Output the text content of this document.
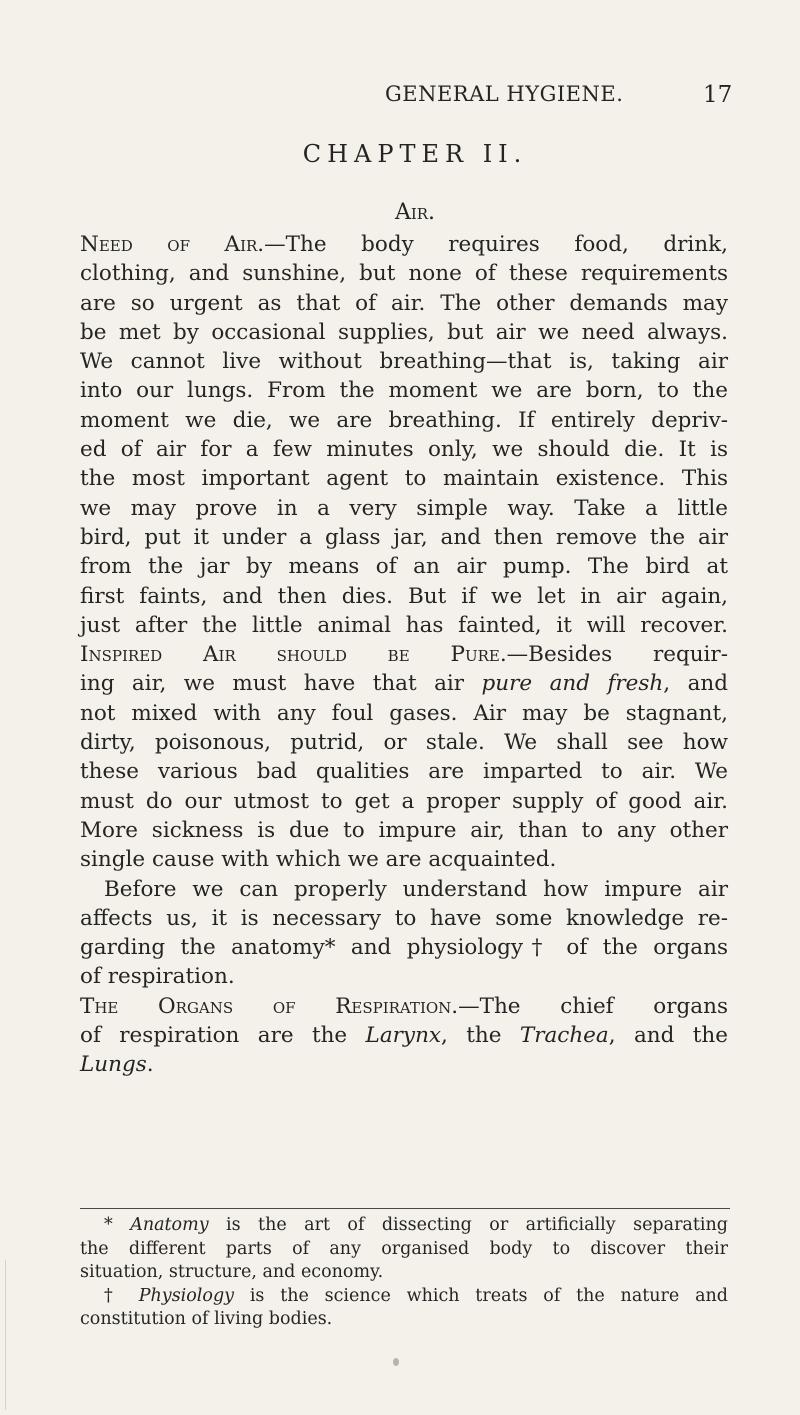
GENERAL HYGIENE.	17
CHAPTER II.
Air.
Need of Air.—The body requires food, drink,
clothing, and sunshine, but none of these requirements
are so urgent as that of air. The other demands may
be met by occasional supplies, but air we need always.
We cannot live without breathing—that is, taking air
into our lungs. From the moment we are born, to the
moment we die, we are breathing. If entirely depriv-
ed of air for a few minutes only, we should die. It is
the most important agent to maintain existence. This
we may prove in a very simple way. Take a little
bird, put it under a glass jar, and then remove the air
from the jar by means of an air pump. The bird at
first faints, and then dies. But if we let in air again,
just after the little animal has fainted, it will recover.
Inspired Air should be Pure.—Besides requir-
ing air, we must have that air pure and fresh, and
not mixed with any foul gases. Air may be stagnant,
dirty, poisonous, putrid, or stale. We shall see how
these various bad qualities are imparted to air. We
must do our utmost to get a proper supply of good air.
More sickness is due to impure air, than to any other
single cause with which we are acquainted.
Before we can properly understand how impure air
affects us, it is necessary to have some knowledge re-
garding the anatomy* and physiology† of the organs
of respiration.
The Organs of Respiration.—The chief organs
of respiration are the Larynx, the Trachea, and the
Lungs.
* Anatomy is the art of dissecting or artificially separating
the different parts of any organised body to discover their
situation, structure, and economy.
† Physiology is the science which treats of the nature and
constitution of living bodies.
